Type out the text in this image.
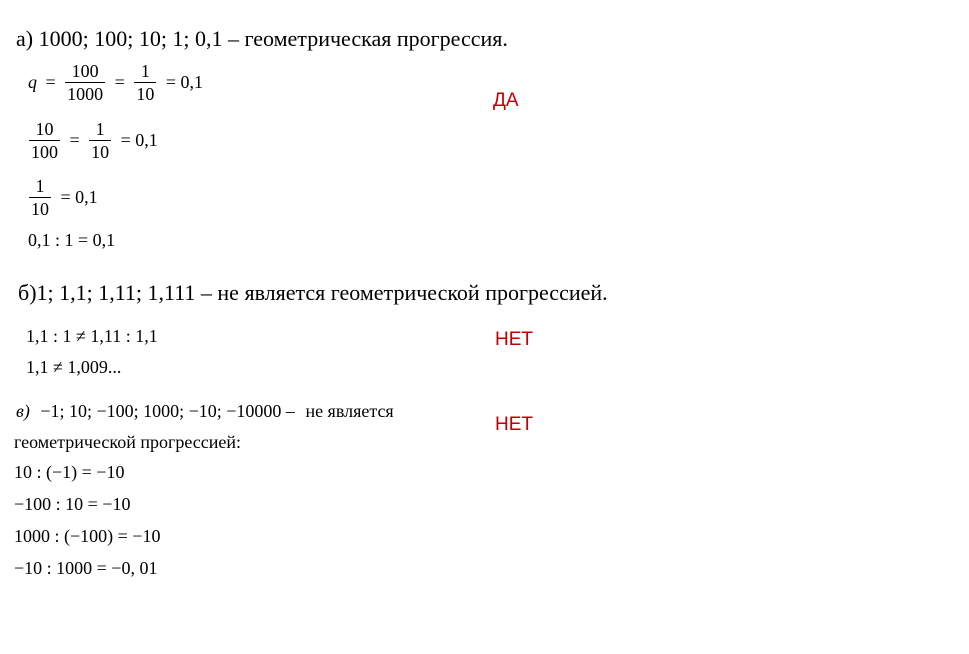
а) 1000; 100; 10; 1; 0,1 – геометрическая прогрессия.
$q = \frac{100}{1000} = \frac{1}{10} = 0,1$
$\frac{10}{100} = \frac{1}{10} = 0,1$
$\frac{1}{10} = 0,1$
0,1 : 1 = 0,1
ДА
б)1; 1,1; 1,11; 1,111 – не является геометрической прогрессией.
1,1 : 1 ≠ 1,11 : 1,1
1,1 ≠ 1,009...
НЕТ
в) −1; 10; −100; 1000; −10; −10000 – не является
геометрической прогрессией:
10 : (−1) = −10
−100 : 10 = −10
1000 : (−100) = −10
−10 : 1000 = −0, 01
НЕТ
